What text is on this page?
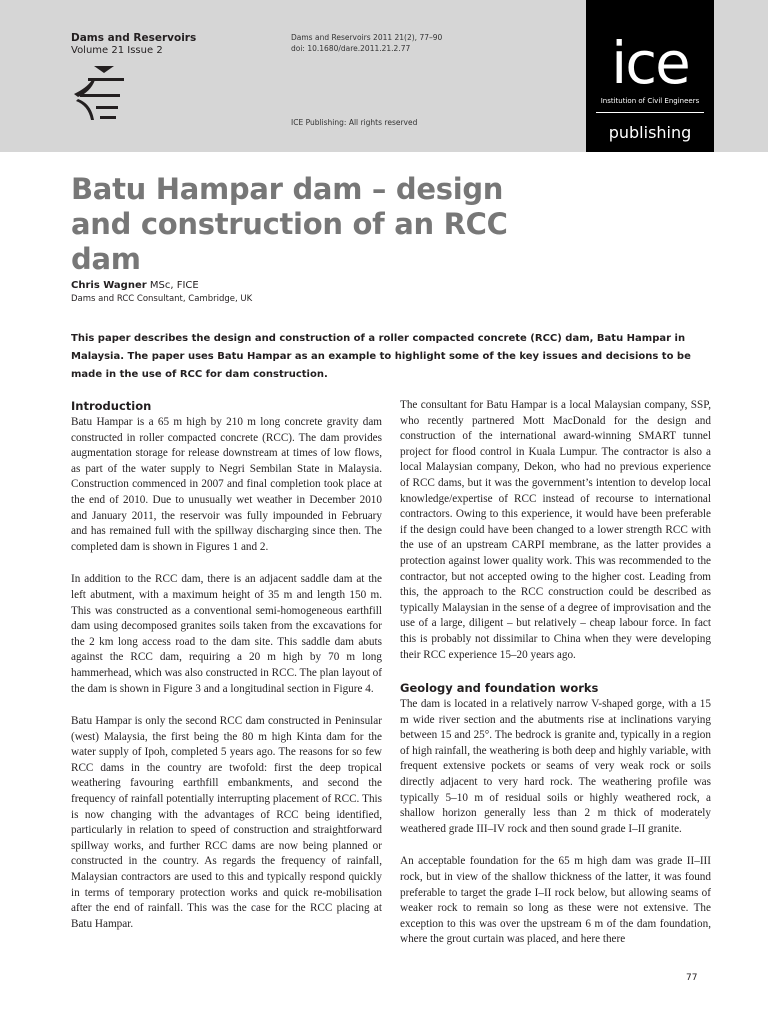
Dams and Reservoirs
Volume 21 Issue 2
Dams and Reservoirs 2011 21(2), 77–90
doi: 10.1680/dare.2011.21.2.77
ICE Publishing: All rights reserved
ice
Institution of Civil Engineers
publishing
Batu Hampar dam – design and construction of an RCC dam
Chris Wagner MSc, FICE
Dams and RCC Consultant, Cambridge, UK

This paper describes the design and construction of a roller compacted concrete (RCC) dam, Batu Hampar in Malaysia. The paper uses Batu Hampar as an example to highlight some of the key issues and decisions to be made in the use of RCC for dam construction.

Introduction

Batu Hampar is a 65 m high by 210 m long concrete gravity dam constructed in roller compacted concrete (RCC). The dam provides augmentation storage for release downstream at times of low flows, as part of the water supply to Negri Sembilan State in Malaysia. Construction commenced in 2007 and final completion took place at the end of 2010. Due to unusually wet weather in December 2010 and January 2011, the reservoir was fully impounded in February and has remained full with the spillway discharging since then. The completed dam is shown in Figures 1 and 2.

In addition to the RCC dam, there is an adjacent saddle dam at the left abutment, with a maximum height of 35 m and length 150 m. This was constructed as a conventional semi-homogeneous earthfill dam using decomposed granites soils taken from the excavations for the 2 km long access road to the dam site. This saddle dam abuts against the RCC dam, requiring a 20 m high by 70 m long hammerhead, which was also constructed in RCC. The plan layout of the dam is shown in Figure 3 and a longitudinal section in Figure 4.

Batu Hampar is only the second RCC dam constructed in Peninsular (west) Malaysia, the first being the 80 m high Kinta dam for the water supply of Ipoh, completed 5 years ago. The reasons for so few RCC dams in the country are twofold: first the deep tropical weathering favouring earthfill embankments, and second the frequency of rainfall potentially interrupting placement of RCC. This is now changing with the advantages of RCC being identified, particularly in relation to speed of construction and straightforward spillway works, and further RCC dams are now being planned or constructed in the country. As regards the frequency of rainfall, Malaysian contractors are used to this and typically respond quickly in terms of temporary protection works and quick re-mobilisation after the end of rainfall. This was the case for the RCC placing at Batu Hampar.

The consultant for Batu Hampar is a local Malaysian company, SSP, who recently partnered Mott MacDonald for the design and construction of the international award-winning SMART tunnel project for flood control in Kuala Lumpur. The contractor is also a local Malaysian company, Dekon, who had no previous experience of RCC dams, but it was the government’s intention to develop local knowledge/expertise of RCC instead of recourse to international contractors. Owing to this experience, it would have been preferable if the design could have been changed to a lower strength RCC with the use of an upstream CARPI membrane, as the latter provides a protection against lower quality work. This was recommended to the contractor, but not accepted owing to the higher cost. Leading from this, the approach to the RCC construction could be described as typically Malaysian in the sense of a degree of improvisation and the use of a large, diligent – but relatively – cheap labour force. In fact this is probably not dissimilar to China when they were developing their RCC experience 15–20 years ago.

Geology and foundation works

The dam is located in a relatively narrow V-shaped gorge, with a 15 m wide river section and the abutments rise at inclinations varying between 15 and 25°. The bedrock is granite and, typically in a region of high rainfall, the weathering is both deep and highly variable, with frequent extensive pockets or seams of very weak rock or soils directly adjacent to very hard rock. The weathering profile was typically 5–10 m of residual soils or highly weathered rock, a shallow horizon generally less than 2 m thick of moderately weathered grade III–IV rock and then sound grade I–II granite.

An acceptable foundation for the 65 m high dam was grade II–III rock, but in view of the shallow thickness of the latter, it was found preferable to target the grade I–II rock below, but allowing seams of weaker rock to remain so long as these were not extensive. The exception to this was over the upstream 6 m of the dam foundation, where the grout curtain was placed, and here there

77
